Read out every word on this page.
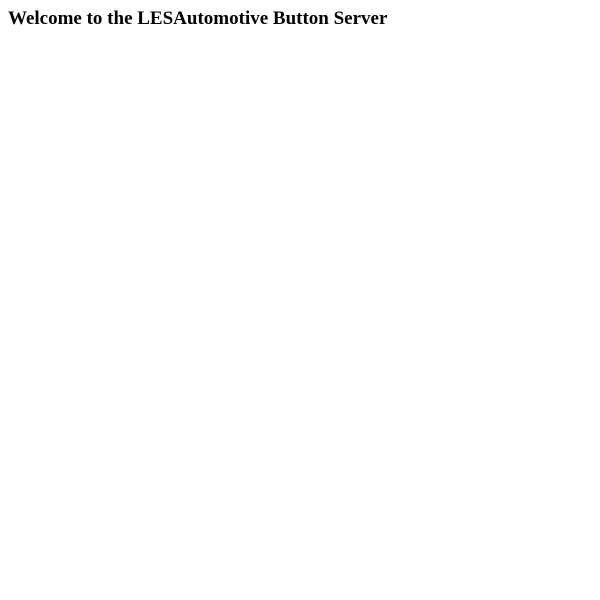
Welcome to the LESAutomotive Button Server
